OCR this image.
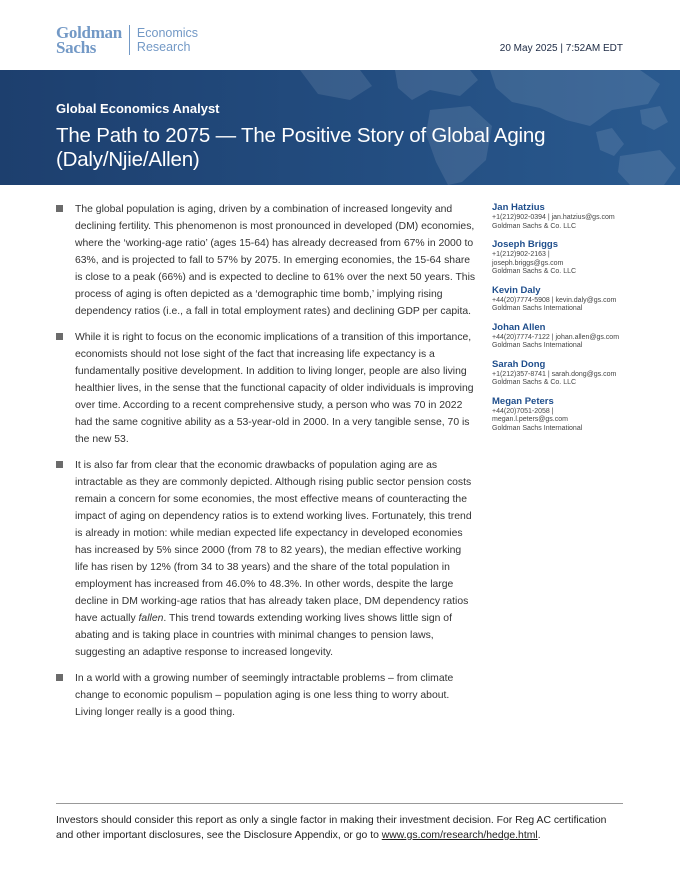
Goldman
Sachs
Economics
Research	20 May 2025 | 7:52AM EDT
Global Economics Analyst
The Path to 2075 — The Positive Story of Global Aging (Daly/Njie/Allen)
The global population is aging, driven by a combination of increased longevity and declining fertility. This phenomenon is most pronounced in developed (DM) economies, where the ‘working-age ratio’ (ages 15-64) has already decreased from 67% in 2000 to 63%, and is projected to fall to 57% by 2075. In emerging economies, the 15-64 share is close to a peak (66%) and is expected to decline to 61% over the next 50 years. This process of aging is often depicted as a ‘demographic time bomb,’ implying rising dependency ratios (i.e., a fall in total employment rates) and declining GDP per capita.
While it is right to focus on the economic implications of a transition of this importance, economists should not lose sight of the fact that increasing life expectancy is a fundamentally positive development. In addition to living longer, people are also living healthier lives, in the sense that the functional capacity of older individuals is improving over time. According to a recent comprehensive study, a person who was 70 in 2022 had the same cognitive ability as a 53-year-old in 2000. In a very tangible sense, 70 is the new 53.
It is also far from clear that the economic drawbacks of population aging are as intractable as they are commonly depicted. Although rising public sector pension costs remain a concern for some economies, the most effective means of counteracting the impact of aging on dependency ratios is to extend working lives. Fortunately, this trend is already in motion: while median expected life expectancy in developed economies has increased by 5% since 2000 (from 78 to 82 years), the median effective working life has risen by 12% (from 34 to 38 years) and the share of the total population in employment has increased from 46.0% to 48.3%. In other words, despite the large decline in DM working-age ratios that has already taken place, DM dependency ratios have actually fallen. This trend towards extending working lives shows little sign of abating and is taking place in countries with minimal changes to pension laws, suggesting an adaptive response to increased longevity.
In a world with a growing number of seemingly intractable problems – from climate change to economic populism – population aging is one less thing to worry about. Living longer really is a good thing.
Jan Hatzius
+1(212)902-0394 | jan.hatzius@gs.com
Goldman Sachs & Co. LLC
Joseph Briggs
+1(212)902-2163 |
joseph.briggs@gs.com
Goldman Sachs & Co. LLC
Kevin Daly
+44(20)7774-5908 | kevin.daly@gs.com
Goldman Sachs International
Johan Allen
+44(20)7774-7122 | johan.allen@gs.com
Goldman Sachs International
Sarah Dong
+1(212)357-8741 | sarah.dong@gs.com
Goldman Sachs & Co. LLC
Megan Peters
+44(20)7051-2058 |
megan.l.peters@gs.com
Goldman Sachs International
Investors should consider this report as only a single factor in making their investment decision. For Reg AC certification and other important disclosures, see the Disclosure Appendix, or go to www.gs.com/research/hedge.html.
